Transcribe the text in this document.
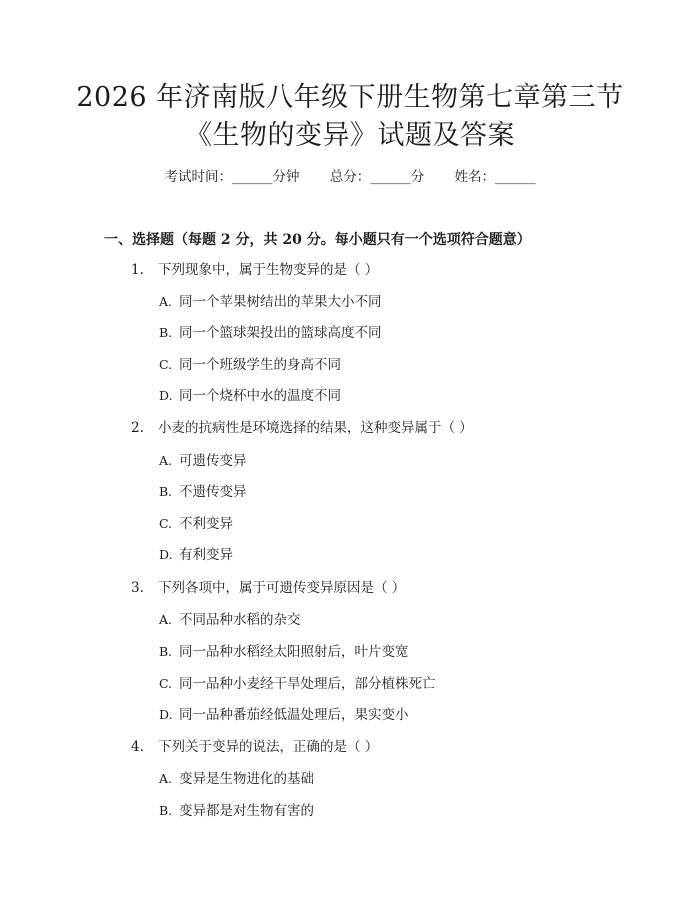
2026 年济南版八年级下册生物第七章第三节
《生物的变异》试题及答案
考试时间：______分钟 总分：______分 姓名：______
一、选择题（每题 2 分，共 20 分。每小题只有一个选项符合题意）
1. 下列现象中，属于生物变异的是（ ）
A. 同一个苹果树结出的苹果大小不同
B. 同一个篮球架投出的篮球高度不同
C. 同一个班级学生的身高不同
D. 同一个烧杯中水的温度不同
2. 小麦的抗病性是环境选择的结果，这种变异属于（ ）
A. 可遗传变异
B. 不遗传变异
C. 不利变异
D. 有利变异
3. 下列各项中，属于可遗传变异原因是（ ）
A. 不同品种水稻的杂交
B. 同一品种水稻经太阳照射后，叶片变宽
C. 同一品种小麦经干旱处理后，部分植株死亡
D. 同一品种番茄经低温处理后，果实变小
4. 下列关于变异的说法，正确的是（ ）
A. 变异是生物进化的基础
B. 变异都是对生物有害的
